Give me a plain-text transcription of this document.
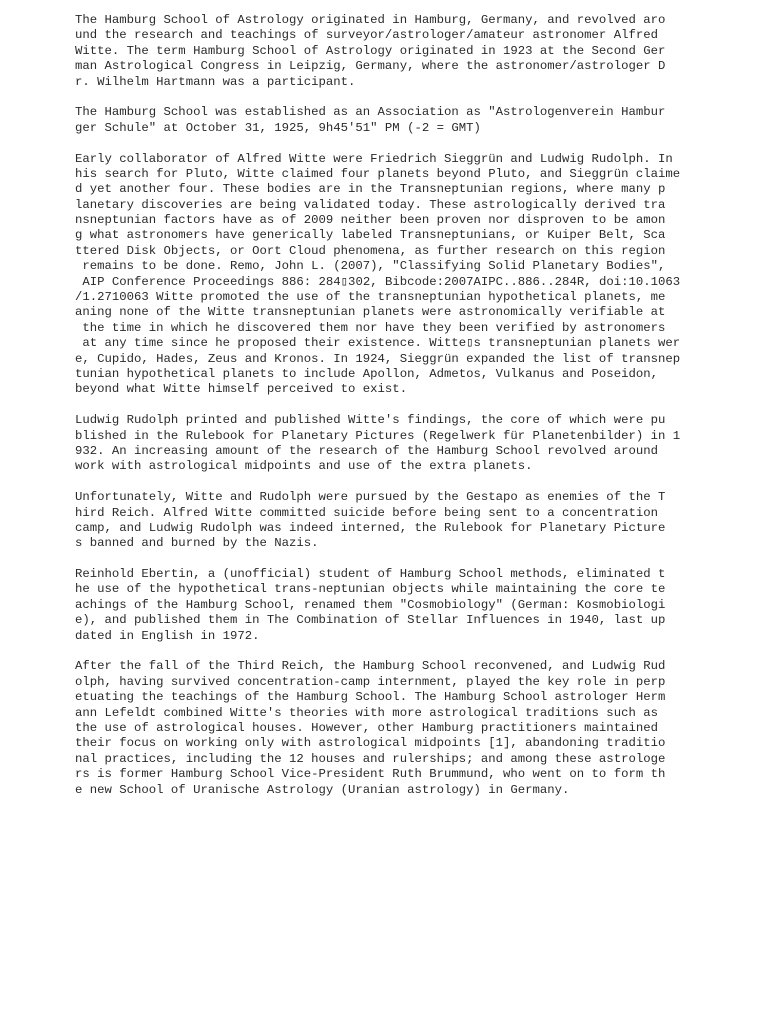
The Hamburg School of Astrology originated in Hamburg, Germany, and revolved aro
und the research and teachings of surveyor/astrologer/amateur astronomer Alfred
Witte. The term Hamburg School of Astrology originated in 1923 at the Second Ger
man Astrological Congress in Leipzig, Germany, where the astronomer/astrologer D
r. Wilhelm Hartmann was a participant.
The Hamburg School was established as an Association as "Astrologenverein Hambur
ger Schule" at October 31, 1925, 9h45'51" PM (-2 = GMT)
Early collaborator of Alfred Witte were Friedrich Sieggrün and Ludwig Rudolph. In
his search for Pluto, Witte claimed four planets beyond Pluto, and Sieggrün claime
d yet another four. These bodies are in the Transneptunian regions, where many p
lanetary discoveries are being validated today. These astrologically derived tra
nsneptunian factors have as of 2009 neither been proven nor disproven to be amon
g what astronomers have generically labeled Transneptunians, or Kuiper Belt, Sca
ttered Disk Objects, or Oort Cloud phenomena, as further research on this region
remains to be done. Remo, John L. (2007), "Classifying Solid Planetary Bodies",
AIP Conference Proceedings 886: 284▯302, Bibcode:2007AIPC..886..284R, doi:10.1063
/1.2710063 Witte promoted the use of the transneptunian hypothetical planets, me
aning none of the Witte transneptunian planets were astronomically verifiable at
the time in which he discovered them nor have they been verified by astronomers
at any time since he proposed their existence. Witte▯s transneptunian planets wer
e, Cupido, Hades, Zeus and Kronos. In 1924, Sieggrün expanded the list of transnep
tunian hypothetical planets to include Apollon, Admetos, Vulkanus and Poseidon,
beyond what Witte himself perceived to exist.
Ludwig Rudolph printed and published Witte's findings, the core of which were pu
blished in the Rulebook for Planetary Pictures (Regelwerk für Planetenbilder) in 1
932. An increasing amount of the research of the Hamburg School revolved around
work with astrological midpoints and use of the extra planets.
Unfortunately, Witte and Rudolph were pursued by the Gestapo as enemies of the T
hird Reich. Alfred Witte committed suicide before being sent to a concentration
camp, and Ludwig Rudolph was indeed interned, the Rulebook for Planetary Picture
s banned and burned by the Nazis.
Reinhold Ebertin, a (unofficial) student of Hamburg School methods, eliminated t
he use of the hypothetical trans-neptunian objects while maintaining the core te
achings of the Hamburg School, renamed them "Cosmobiology" (German: Kosmobiologi
e), and published them in The Combination of Stellar Influences in 1940, last up
dated in English in 1972.
After the fall of the Third Reich, the Hamburg School reconvened, and Ludwig Rud
olph, having survived concentration-camp internment, played the key role in perp
etuating the teachings of the Hamburg School. The Hamburg School astrologer Herm
ann Lefeldt combined Witte's theories with more astrological traditions such as
the use of astrological houses. However, other Hamburg practitioners maintained
their focus on working only with astrological midpoints [1], abandoning traditio
nal practices, including the 12 houses and rulerships; and among these astrologe
rs is former Hamburg School Vice-President Ruth Brummund, who went on to form th
e new School of Uranische Astrology (Uranian astrology) in Germany.
